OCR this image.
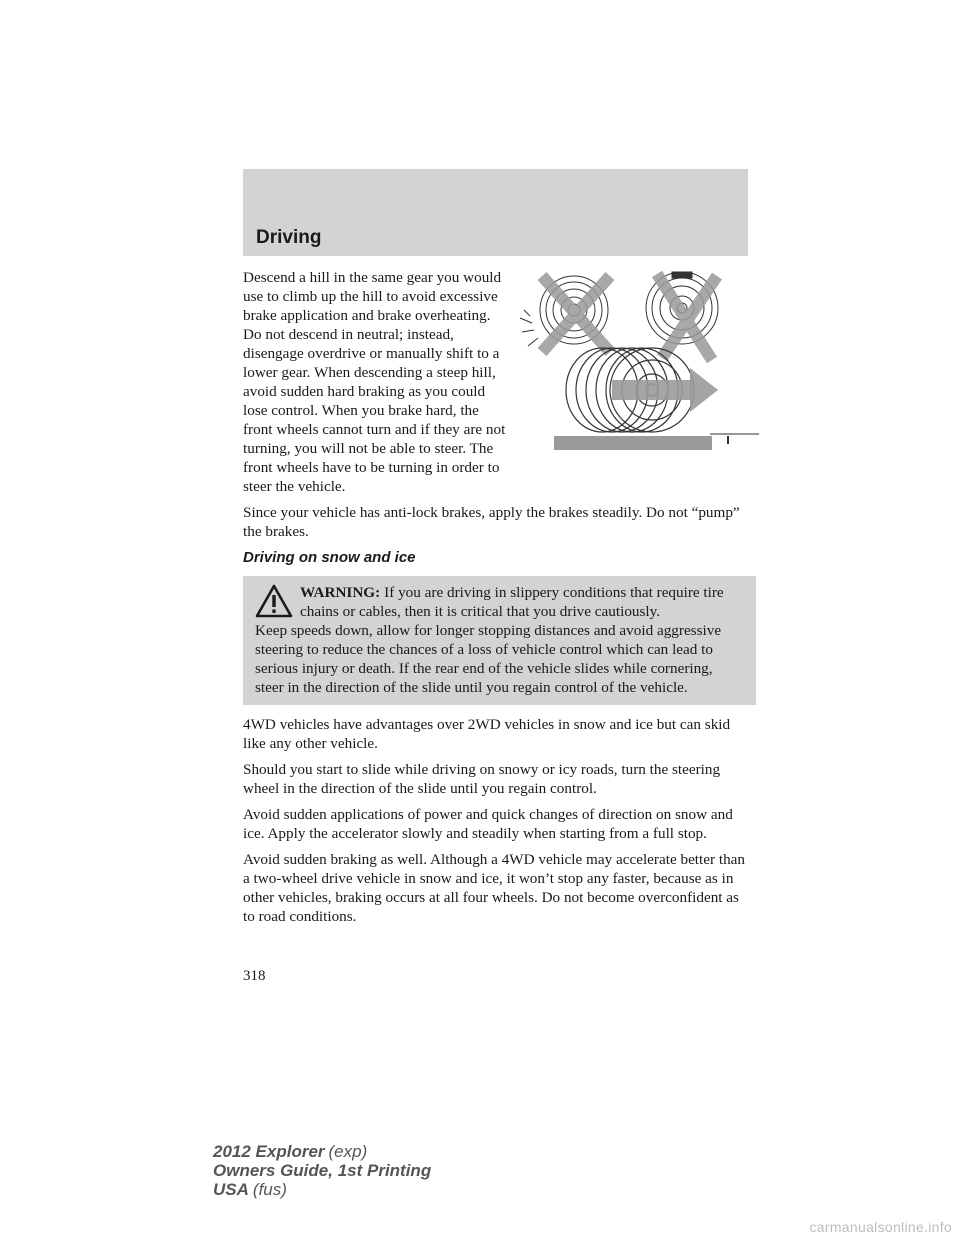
Driving

Descend a hill in the same gear you would use to climb up the hill to avoid excessive brake application and brake overheating. Do not descend in neutral; instead, disengage overdrive or manually shift to a lower gear. When descending a steep hill, avoid sudden hard braking as you could lose control. When you brake hard, the front wheels cannot turn and if they are not turning, you will not be able to steer. The front wheels have to be turning in order to steer the vehicle.

Since your vehicle has anti-lock brakes, apply the brakes steadily. Do not “pump” the brakes.

Driving on snow and ice

WARNING: If you are driving in slippery conditions that require tire chains or cables, then it is critical that you drive cautiously.

Keep speeds down, allow for longer stopping distances and avoid aggressive steering to reduce the chances of a loss of vehicle control which can lead to serious injury or death. If the rear end of the vehicle slides while cornering, steer in the direction of the slide until you regain control of the vehicle.

4WD vehicles have advantages over 2WD vehicles in snow and ice but can skid like any other vehicle.

Should you start to slide while driving on snowy or icy roads, turn the steering wheel in the direction of the slide until you regain control.

Avoid sudden applications of power and quick changes of direction on snow and ice. Apply the accelerator slowly and steadily when starting from a full stop.

Avoid sudden braking as well. Although a 4WD vehicle may accelerate better than a two-wheel drive vehicle in snow and ice, it won’t stop any faster, because as in other vehicles, braking occurs at all four wheels. Do not become overconfident as to road conditions.

318
2012 Explorer (exp)
Owners Guide, 1st Printing
USA (fus)
carmanualsonline.info
